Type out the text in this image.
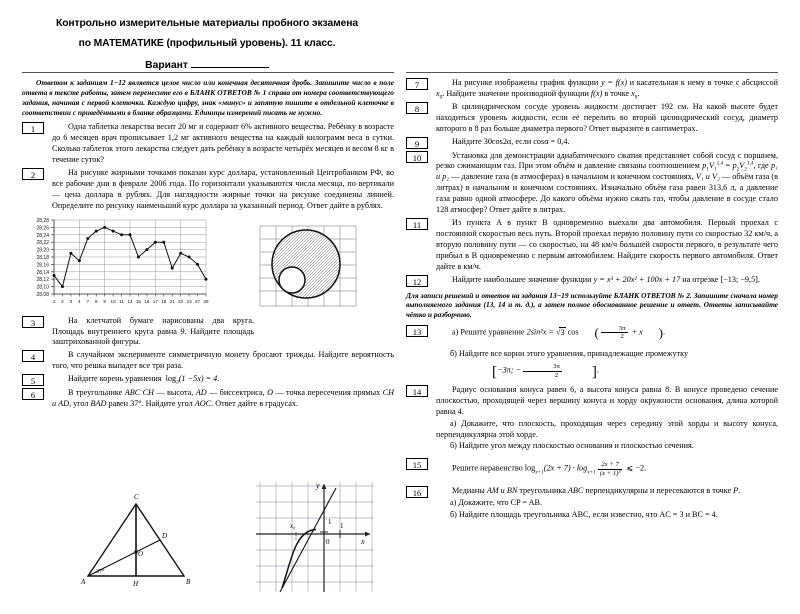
Контрольно измерительные материалы пробного экзамена
по МАТЕМАТИКЕ (профильный уровень). 11 класс.
Вариант
Ответом к заданиям 1−12 является целое число или конечная десятичная дробь. Запишите число в поле ответа в тексте работы, затем перенесите его в БЛАНК ОТВЕТОВ № 1 справа от номера соответствующего задания, начиная с первой клеточки. Каждую цифру, знак «минус» и запятую пишите в отдельной клеточке в соответствии с приведёнными в бланке образцами. Единицы измерений писать не нужно.
1	Одна таблетка лекарства весит 20 мг и содержит 6% активного вещества. Ребёнку в возрасте до 6 месяцев врач прописывает 1,2 мг активного вещества на каждый килограмм веса в сутки. Сколько таблеток этого лекарства следует дать ребёнку в возрасте четырёх месяцев и весом 8 кг в течение суток?
2	На рисунке жирными точками показан курс доллара, установленный Центробанком РФ, во все рабочие дни в феврале 2006 года. По горизонтали указываются числа месяца, по вертикали — цена доллара в рублях. Для наглядности жирные точки на рисунке соединены линией. Определите по рисунку наименьший курс доллара за указанный период. Ответ дайте в рублях.
28,28
28,26
28,24
28,22
28,20
28,18
28,16
28,14
28,12
28,10
28,08
1 2 3 4 7 8 9 10 11 14 15 16 17 18 21 22 23 27 28
3	На клетчатой бумаге нарисованы два круга. Площадь внутреннего круга равна 9. Найдите площадь заштрихованной фигуры.
4	В случайном эксперименте симметричную монету бросают трижды. Найдите вероятность того, что решка выпадет все три раза.
5	Найдите корень уравнения $\log_3(1 -5x) = 4$.
6	В треугольнике ABC CH — высота, AD — биссектриса, O — точка пересечения прямых CH и AD, угол BAD равен 37°. Найдите угол AOC. Ответ дайте в градусах.
C
A	B
H
D
O
37°
x
y
0
1 1
x₀
7	На рисунке изображены график функции y = f(x) и касательная к нему в точке с абсциссой $x_0$. Найдите значение производной функции f(x) в точке $x_0$.
8	В цилиндрическом сосуде уровень жидкости достигает 192 см. На какой высоте будет находиться уровень жидкости, если её перелить во второй цилиндрический сосуд, диаметр которого в 8 раз больше диаметра первого? Ответ выразите в сантиметрах.
9	Найдите 30cos2α, если cosα = 0,4.
10	Установка для демонстрации адиабатического сжатия представляет собой сосуд с поршнем, резко сжимающим газ. При этом объём и давление связаны соотношением $p_1V_1^{1,4} = p_2V_2^{1,4}$, где p₁ и p₂ — давление газа (в атмосферах) в начальном и конечном состояниях, V₁ и V₂ — объём газа (в литрах) в начальном и конечном состояниях. Изначально объём газа равен 313,6 л, а давление газа равно одной атмосфере. До какого объёма нужно сжать газ, чтобы давление в сосуде стало 128 атмосфер? Ответ дайте в литрах.
11	Из пункта A в пункт B одновременно выехали два автомобиля. Первый проехал с постоянной скоростью весь путь. Второй проехал первую половину пути со скоростью 32 км/ч, а вторую половину пути — со скоростью, на 48 км/ч большей скорости первого, в результате чего прибыл в B одновременно с первым автомобилем. Найдите скорость первого автомобиля. Ответ дайте в км/ч.
12	Найдите наибольшее значение функции y = x³ + 20x² + 100x + 17 на отрезке [−13; −9,5].
Для записи решений и ответов на задания 13−19 используйте БЛАНК ОТВЕТОВ № 2. Запишите сначала номер выполняемого задания (13, 14 и т. д.), а затем полное обоснованное решение и ответ. Ответы записывайте чётко и разборчиво.
13	а) Решите уравнение 2sin²x = √3 cos ( $\frac{3\pi}{2} + x$ ).

б) Найдите все корни этого уравнения, принадлежащие промежутку

[−3π; − $\frac{3\pi}{2}$ ].

14	Радиус основания конуса равен 6, а высота конуса равна 8. В конусе проведено сечение плоскостью, проходящей через вершину конуса и хорду окружности основания, длина которой равна 4.

а) Докажите, что плоскость, проходящая через середину этой хорды и высоту конуса, перпендикулярна этой хорде.

б) Найдите угол между плоскостью основания и плоскостью сечения.

15	Решите неравенство $\log_{x+1}(2x + 7) \cdot \log_{x+1} \frac{2x + 7}{\text{(x + 1)³}}$ ⩽ −2.
16	Медианы AM и BN треугольника ABC перпендикулярны и пересекаются в точке P.

а) Докажите, что CP = AB.

б) Найдите площадь треугольника ABC, если известно, что AC = 3 и BC = 4.
